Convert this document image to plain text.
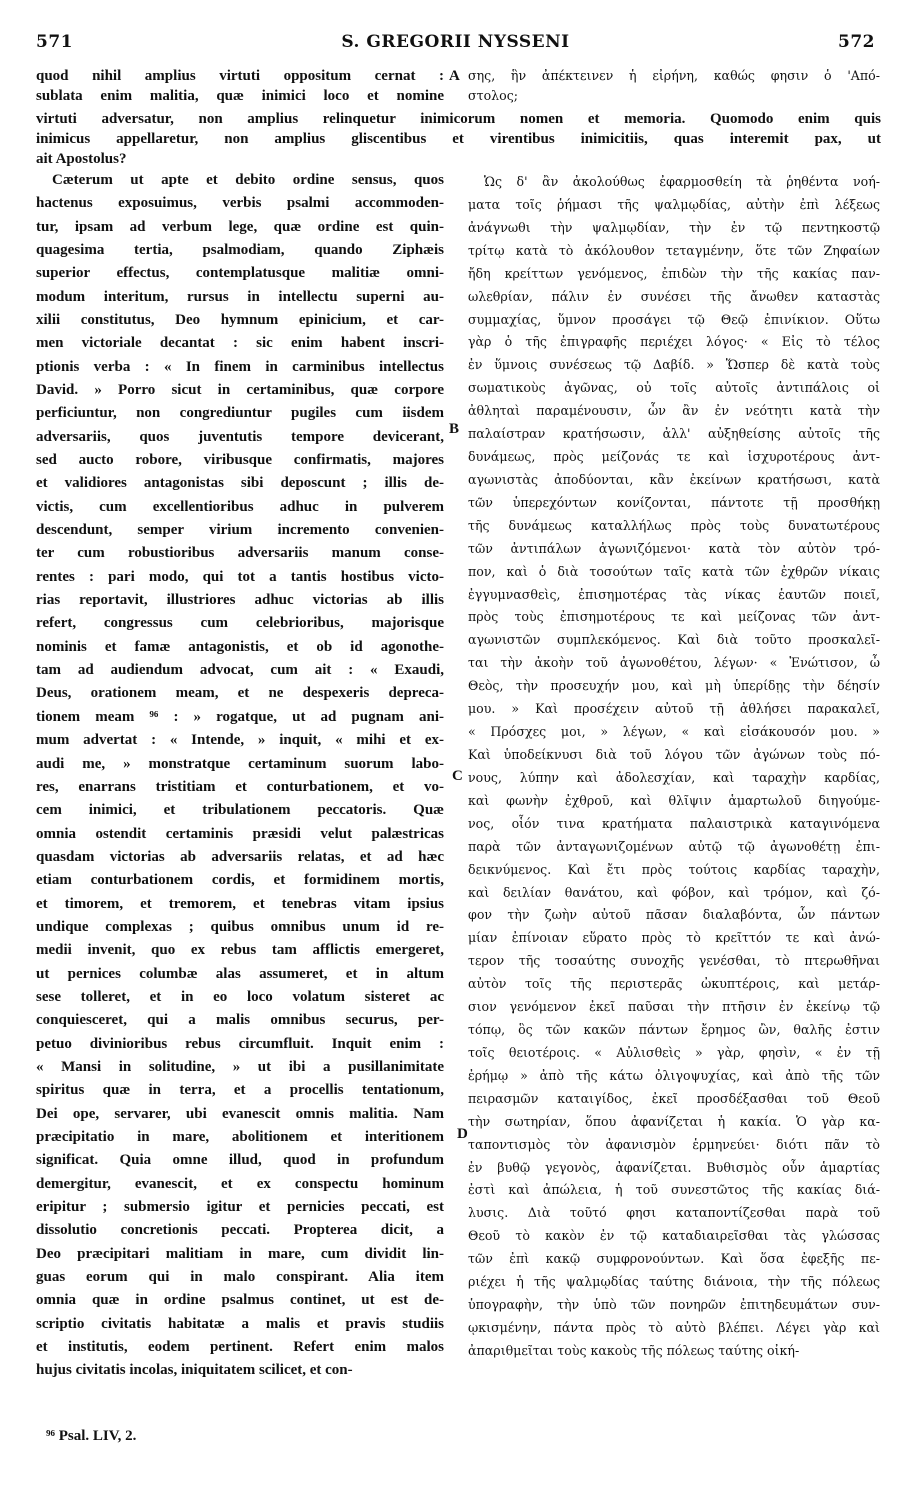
571	S. GREGORII NYSSENI	572
quod nihil amplius virtuti oppositum cernat :
sublata enim malitia, quæ inimici loco et nomine
σης, ἣν ἀπέκτεινεν ἡ εἰρήνη, καθώς φησιν ὁ 'Από-
στολος;
virtuti adversatur, non amplius relinquetur inimicorum nomen et memoria. Quomodo enim quis
inimicus appellaretur, non amplius gliscentibus et virentibus inimicitiis, quas interemit pax, ut
ait Apostolus?
Cæterum ut apte et debito ordine sensus, quos
hactenus exposuimus, verbis psalmi accommoden-
tur, ipsam ad verbum lege, quæ ordine est quin-
quagesima tertia, psalmodiam, quando Ziphæis
superior effectus, contemplatusque malitiæ omni-
modum interitum, rursus in intellectu superni au-
xilii constitutus, Deo hymnum epinicium, et car-
men victoriale decantat : sic enim habent inscri-
ptionis verba : « In finem in carminibus intellectus
David. » Porro sicut in certaminibus, quæ corpore
perficiuntur, non congrediuntur pugiles cum iisdem
adversariis, quos juventutis tempore devicerant,
sed aucto robore, viribusque confirmatis, majores
et validiores antagonistas sibi deposcunt ; illis de-
victis, cum excellentioribus adhuc in pulverem
descendunt, semper virium incremento convenien-
ter cum robustioribus adversariis manum conse-
rentes : pari modo, qui tot a tantis hostibus victo-
rias reportavit, illustriores adhuc victorias ab illis
refert, congressus cum celebrioribus, majorisque
nominis et famæ antagonistis, et ob id agonothe-
tam ad audiendum advocat, cum ait : « Exaudi,
Deus, orationem meam, et ne despexeris depreca-
tionem meam ⁹⁶ : » rogatque, ut ad pugnam ani-
mum advertat : « Intende, » inquit, « mihi et ex-
audi me, » monstratque certaminum suorum labo-
res, enarrans tristitiam et conturbationem, et vo-
cem inimici, et tribulationem peccatoris. Quæ
omnia ostendit certaminis præsidi velut palæstricas
quasdam victorias ab adversariis relatas, et ad hæc
etiam conturbationem cordis, et formidinem mortis,
et timorem, et tremorem, et tenebras vitam ipsius
undique complexas ; quibus omnibus unum id re-
medii invenit, quo ex rebus tam afflictis emergeret,
ut pernices columbæ alas assumeret, et in altum
sese tolleret, et in eo loco volatum sisteret ac
conquiesceret, qui a malis omnibus securus, per-
petuo divinioribus rebus circumfluit. Inquit enim :
« Mansi in solitudine, » ut ibi a pusillanimitate
spiritus quæ in terra, et a procellis tentationum,
Dei ope, servarer, ubi evanescit omnis malitia. Nam
præcipitatio in mare, abolitionem et interitionem
significat. Quia omne illud, quod in profundum
demergitur, evanescit, et ex conspectu hominum
eripitur ; submersio igitur et pernicies peccati, est
dissolutio concretionis peccati. Propterea dicit, a
Deo præcipitari malitiam in mare, cum dividit lin-
guas eorum qui in malo conspirant. Alia item
omnia quæ in ordine psalmus continet, ut est de-
scriptio civitatis habitatæ a malis et pravis studiis
et institutis, eodem pertinent. Refert enim malos
hujus civitatis incolas, iniquitatem scilicet, et con-
Ὡς δ' ἂν ἀκολούθως ἐφαρμοσθείη τὰ ῥηθέντα νοή-
ματα τοῖς ῥήμασι τῆς ψαλμῳδίας, αὐτὴν ἐπὶ λέξεως
ἀνάγνωθι τὴν ψαλμῳδίαν, τὴν ἐν τῷ πεντηκοστῷ
τρίτῳ κατὰ τὸ ἀκόλουθον τεταγμένην, ὅτε τῶν Ζηφαίων
ἤδη κρείττων γενόμενος, ἐπιδὼν τὴν τῆς κακίας παν-
ωλεθρίαν, πάλιν ἐν συνέσει τῆς ἄνωθεν καταστὰς
συμμαχίας, ὕμνον προσάγει τῷ Θεῷ ἐπινίκιον. Οὕτω
γὰρ ὁ τῆς ἐπιγραφῆς περιέχει λόγος· « Εἰς τὸ τέλος
ἐν ὕμνοις συνέσεως τῷ Δαβίδ. » Ὥσπερ δὲ κατὰ τοὺς
σωματικοὺς ἀγῶνας, οὐ τοῖς αὐτοῖς ἀντιπάλοις οἱ
ἀθληταὶ παραμένουσιν, ὧν ἂν ἐν νεότητι κατὰ τὴν
παλαίστραν κρατήσωσιν, ἀλλ' αὐξηθείσης αὐτοῖς τῆς
δυνάμεως, πρὸς μείζονάς τε καὶ ἰσχυροτέρους ἀντ-
αγωνιστὰς ἀποδύονται, κἂν ἐκείνων κρατήσωσι, κατὰ
τῶν ὑπερεχόντων κονίζονται, πάντοτε τῇ προσθήκῃ
τῆς δυνάμεως καταλλήλως πρὸς τοὺς δυνατωτέρους
τῶν ἀντιπάλων ἀγωνιζόμενοι· κατὰ τὸν αὐτὸν τρό-
πον, καὶ ὁ διὰ τοσούτων ταῖς κατὰ τῶν ἐχθρῶν νίκαις
ἐγγυμνασθεὶς, ἐπισημοτέρας τὰς νίκας ἑαυτῶν ποιεῖ,
πρὸς τοὺς ἐπισημοτέρους τε καὶ μείζονας τῶν ἀντ-
αγωνιστῶν συμπλεκόμενος. Καὶ διὰ τοῦτο προσκαλεῖ-
ται τὴν ἀκοὴν τοῦ ἀγωνοθέτου, λέγων· « Ἐνώτισον, ὦ
Θεὸς, τὴν προσευχήν μου, καὶ μὴ ὑπερίδῃς τὴν δέησίν
μου. » Καὶ προσέχειν αὐτοῦ τῇ ἀθλήσει παρακαλεῖ,
« Πρόσχες μοι, » λέγων, « καὶ εἰσάκουσόν μου. »
Καὶ ὑποδείκνυσι διὰ τοῦ λόγου τῶν ἀγώνων τοὺς πό-
νους, λύπην καὶ ἀδολεσχίαν, καὶ ταραχὴν καρδίας,
καὶ φωνὴν ἐχθροῦ, καὶ θλῖψιν ἁμαρτωλοῦ διηγούμε-
νος, οἷόν τινα κρατήματα παλαιστρικὰ καταγινόμενα
παρὰ τῶν ἀνταγωνιζομένων αὐτῷ τῷ ἀγωνοθέτῃ ἐπι-
δεικνύμενος. Καὶ ἔτι πρὸς τούτοις καρδίας ταραχὴν,
καὶ δειλίαν θανάτου, καὶ φόβον, καὶ τρόμον, καὶ ζό-
φον τὴν ζωὴν αὐτοῦ πᾶσαν διαλαβόντα, ὧν πάντων
μίαν ἐπίνοιαν εὕρατο πρὸς τὸ κρεῖττόν τε καὶ ἀνώ-
τερον τῆς τοσαύτης συνοχῆς γενέσθαι, τὸ πτερωθῆναι
αὐτὸν τοῖς τῆς περιστερᾶς ὠκυπτέροις, καὶ μετάρ-
σιον γενόμενον ἐκεῖ παῦσαι τὴν πτῆσιν ἐν ἐκείνῳ τῷ
τόπῳ, ὃς τῶν κακῶν πάντων ἔρημος ὢν, θαλῆς ἐστιν
τοῖς θειοτέροις. « Αὐλισθεὶς » γὰρ, φησὶν, « ἐν τῇ
ἐρήμῳ » ἀπὸ τῆς κάτω ὀλιγοψυχίας, καὶ ἀπὸ τῆς τῶν
πειρασμῶν καταιγίδος, ἐκεῖ προσδέξασθαι τοῦ Θεοῦ
τὴν σωτηρίαν, ὅπου ἀφανίζεται ἡ κακία. Ὁ γὰρ κα-
ταποντισμὸς τὸν ἀφανισμὸν ἑρμηνεύει· διότι πᾶν τὸ
ἐν βυθῷ γεγονὸς, ἀφανίζεται. Βυθισμὸς οὖν ἁμαρτίας
ἐστὶ καὶ ἀπώλεια, ἡ τοῦ συνεστῶτος τῆς κακίας διά-
λυσις. Διὰ τοῦτό φησι καταποντίζεσθαι παρὰ τοῦ
Θεοῦ τὸ κακὸν ἐν τῷ καταδιαιρεῖσθαι τὰς γλώσσας
τῶν ἐπὶ κακῷ συμφρονούντων. Καὶ ὅσα ἐφεξῆς πε-
ριέχει ἡ τῆς ψαλμῳδίας ταύτης διάνοια, τὴν τῆς πόλεως
ὑπογραφὴν, τὴν ὑπὸ τῶν πονηρῶν ἐπιτηδευμάτων συν-
ῳκισμένην, πάντα πρὸς τὸ αὐτὸ βλέπει. Λέγει γὰρ καὶ
ἀπαριθμεῖται τοὺς κακοὺς τῆς πόλεως ταύτης οἰκή-
A
B
C
D
⁹⁶ Psal. LIV, 2.
